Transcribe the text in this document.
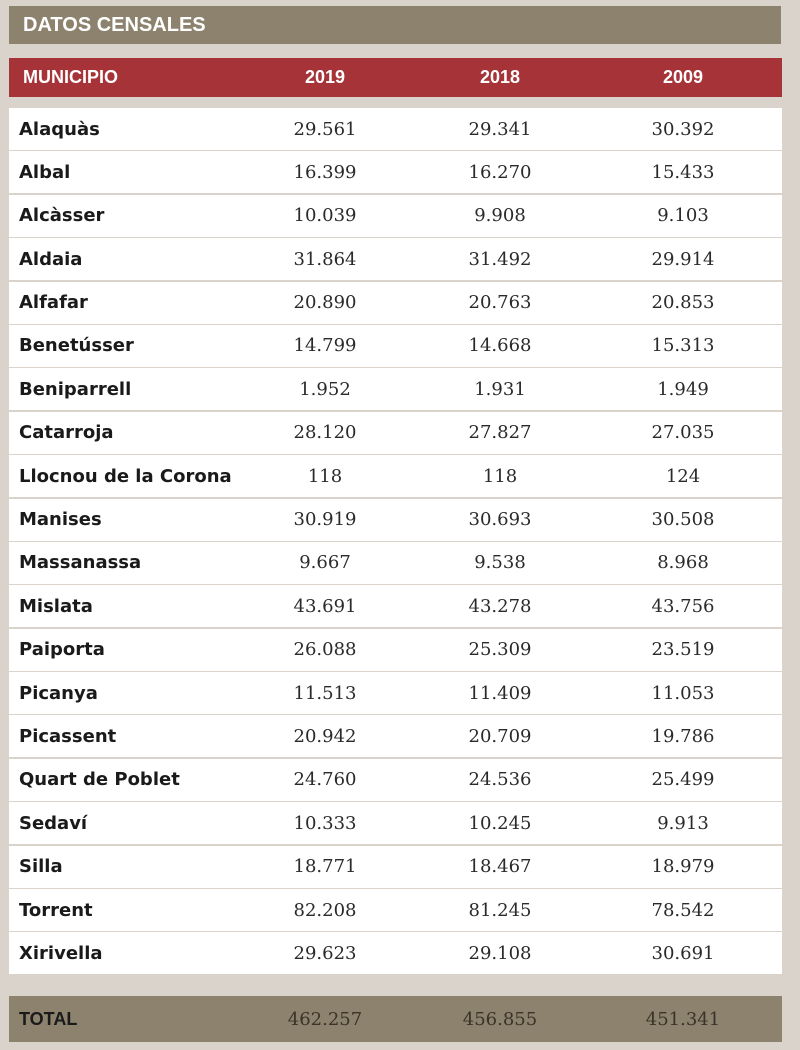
DATOS CENSALES
MUNICIPIO	2019	2018	2009
Alaquàs	29.561	29.341	30.392
Albal	16.399	16.270	15.433
Alcàsser	10.039	9.908	9.103
Aldaia	31.864	31.492	29.914
Alfafar	20.890	20.763	20.853
Benetússer	14.799	14.668	15.313
Beniparrell	1.952	1.931	1.949
Catarroja	28.120	27.827	27.035
Llocnou de la Corona	118	118	124
Manises	30.919	30.693	30.508
Massanassa	9.667	9.538	8.968
Mislata	43.691	43.278	43.756
Paiporta	26.088	25.309	23.519
Picanya	11.513	11.409	11.053
Picassent	20.942	20.709	19.786
Quart de Poblet	24.760	24.536	25.499
Sedaví	10.333	10.245	9.913
Silla	18.771	18.467	18.979
Torrent	82.208	81.245	78.542
Xirivella	29.623	29.108	30.691
TOTAL	462.257	456.855	451.341
